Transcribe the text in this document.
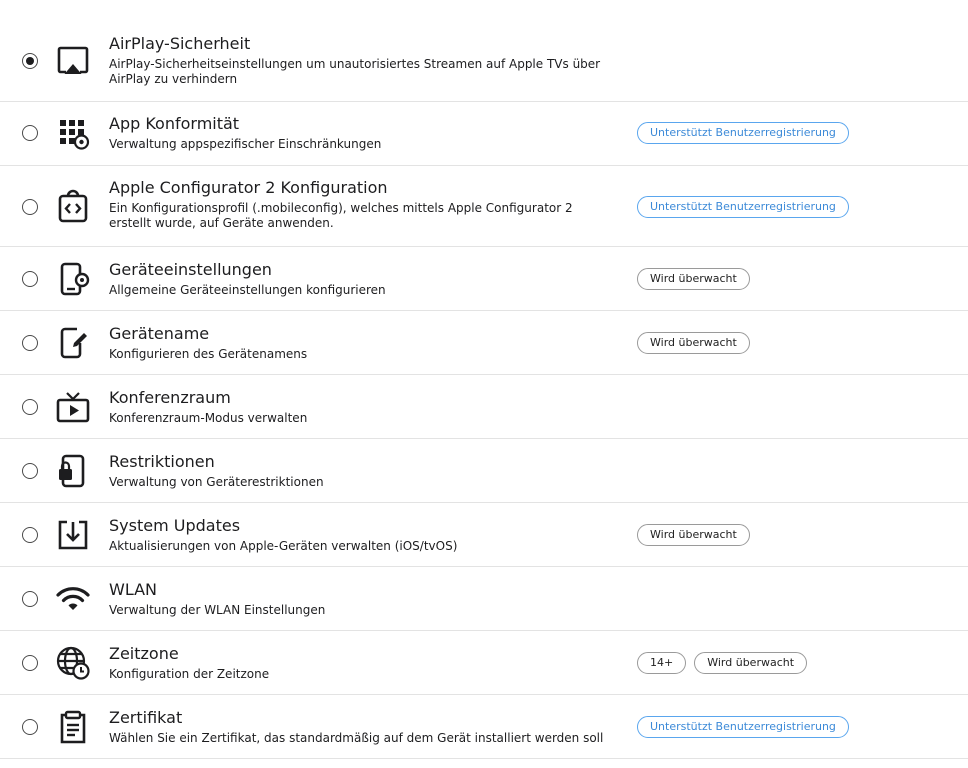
AirPlay-Sicherheit
AirPlay-Sicherheitseinstellungen um unautorisiertes Streamen auf Apple TVs über AirPlay zu verhindern
App Konformität
Verwaltung appspezifischer Einschränkungen
Unterstützt Benutzerregistrierung
Apple Configurator 2 Konfiguration
Ein Konfigurationsprofil (.mobileconfig), welches mittels Apple Configurator 2 erstellt wurde, auf Geräte anwenden.
Unterstützt Benutzerregistrierung
Geräteeinstellungen
Allgemeine Geräteeinstellungen konfigurieren
Wird überwacht
Gerätename
Konfigurieren des Gerätenamens
Wird überwacht
Konferenzraum
Konferenzraum-Modus verwalten
Restriktionen
Verwaltung von Geräterestriktionen
System Updates
Aktualisierungen von Apple-Geräten verwalten (iOS/tvOS)
Wird überwacht
WLAN
Verwaltung der WLAN Einstellungen
Zeitzone
Konfiguration der Zeitzone
14+	Wird überwacht
Zertifikat
Wählen Sie ein Zertifikat, das standardmäßig auf dem Gerät installiert werden soll
Unterstützt Benutzerregistrierung
